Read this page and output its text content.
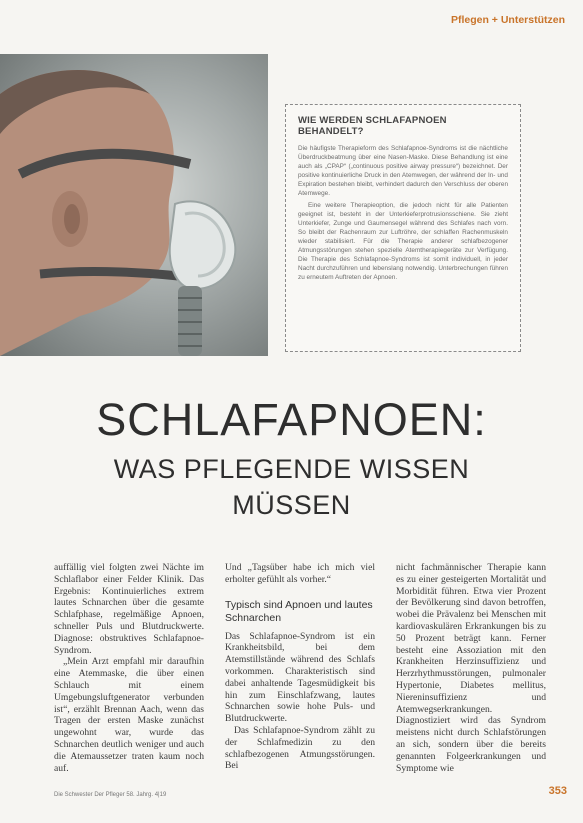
Pflegen + Unterstützen
WIE WERDEN SCHLAFAPNOEN BEHANDELT?

Die häufigste Therapieform des Schlafapnoe-Syndroms ist die nächtliche Überdruckbeatmung über eine Nasen-Maske. Diese Behandlung ist eine auch als „CPAP“ („continuous positive airway pressure“) bezeichnet. Der positive kontinuierliche Druck in den Atemwegen, der während der In- und Expiration bestehen bleibt, verhindert dadurch den Verschluss der oberen Atemwege.

Eine weitere Therapieoption, die jedoch nicht für alle Patienten geeignet ist, besteht in der Unterkieferprotrusionsschiene. Sie zieht Unterkiefer, Zunge und Gaumensegel während des Schlafes nach vorn. So bleibt der Rachenraum zur Luftröhre, der schlaffen Rachenmuskeln wieder stabilisiert. Für die Therapie anderer schlafbezogener Atmungsstörungen stehen spezielle Atemtherapiegeräte zur Verfügung. Die Therapie des Schlafapnoe-Syndroms ist somit individuell, in jeder Nacht durchzuführen und lebenslang notwendig. Unterbrechungen führen zu erneutem Auftreten der Apnoen.

SCHLAFAPNOEN:
WAS PFLEGENDE WISSEN
MÜSSEN

auffällig viel folgten zwei Nächte im Schlaflabor einer Felder Klinik. Das Ergebnis: Kontinuierliches extrem lautes Schnarchen über die gesamte Schlafphase, regelmäßige Apnoen, schneller Puls und Blutdruckwerte. Diagnose: obstruktives Schlafapnoe-Syndrom.

„Mein Arzt empfahl mir daraufhin eine Atemmaske, die über einen Schlauch mit einem Umgebungsluftgenerator verbunden ist“, erzählt Brennan Aach, wenn das Tragen der ersten Maske zunächst ungewohnt war, wurde das Schnarchen deutlich weniger und auch die Atemaussetzer traten kaum noch auf.

Und „Tagsüber habe ich mich viel erholter gefühlt als vorher.“

Typisch sind Apnoen und lautes Schnarchen

Das Schlafapnoe-Syndrom ist ein Krankheitsbild, bei dem Atemstillstände während des Schlafs vorkommen. Charakteristisch sind dabei anhaltende Tagesmüdigkeit bis hin zum Einschlafzwang, lautes Schnarchen sowie hohe Puls- und Blutdruckwerte.

Das Schlafapnoe-Syndrom zählt zu der Schlafmedizin zu den schlafbezogenen Atmungsstörungen. Bei

nicht fachmännischer Therapie kann es zu einer gesteigerten Mortalität und Morbidität führen. Etwa vier Prozent der Bevölkerung sind davon betroffen, wobei die Prävalenz bei Menschen mit kardiovaskulären Erkrankungen bis zu 50 Prozent beträgt kann. Ferner besteht eine Assoziation mit den Krankheiten Herzinsuffizienz und Herzrhythmusstörungen, pulmonaler Hypertonie, Diabetes mellitus, Niereninsuffizienz und Atemwegserkrankungen. Diagnostiziert wird das Syndrom meistens nicht durch Schlafstörungen an sich, sondern über die bereits genannten Folgeerkrankungen und Symptome wie

Die Schwester Der Pfleger 58. Jahrg. 4|19	353
